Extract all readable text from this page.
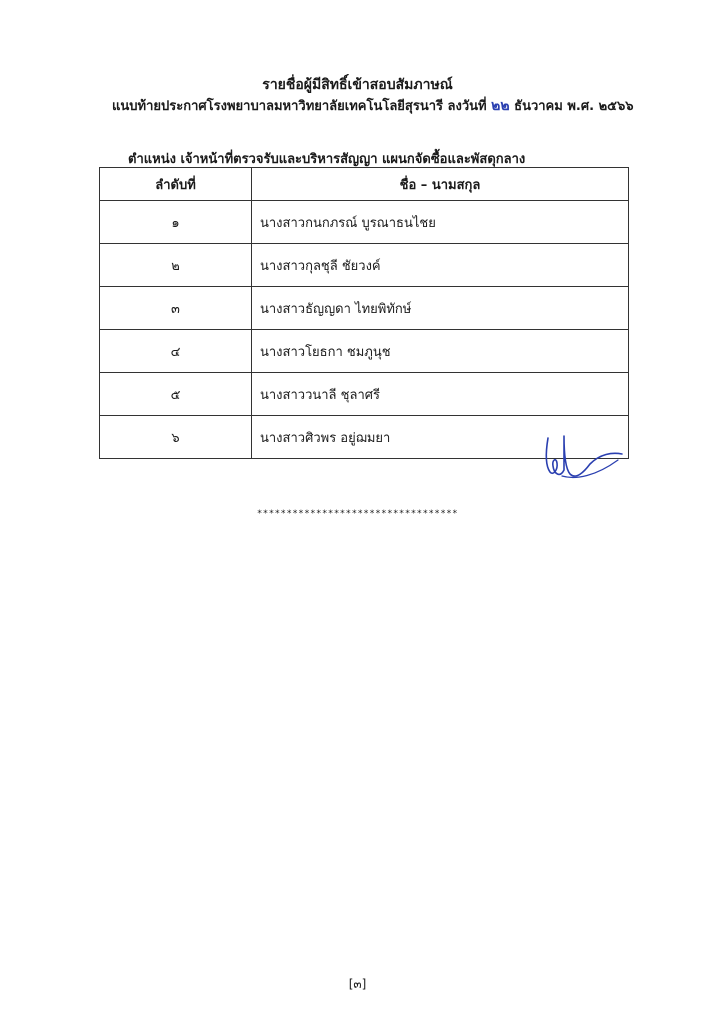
รายชื่อผู้มีสิทธิ์เข้าสอบสัมภาษณ์
แนบท้ายประกาศโรงพยาบาลมหาวิทยาลัยเทคโนโลยีสุรนารี ลงวันที่ ๒๒ ธันวาคม พ.ศ. ๒๕๖๖
ตำแหน่ง เจ้าหน้าที่ตรวจรับและบริหารสัญญา แผนกจัดซื้อและพัสดุกลาง
ลำดับที่	ชื่อ – นามสกุล
๑	นางสาวกนกภรณ์ บูรณาธนไชย
๒	นางสาวกุลชุลี ชัยวงค์
๓	นางสาวธัญญดา ไทยพิทักษ์
๔	นางสาวโยธกา ชมภูนุช
๕	นางสาววนาลี ชุลาศรี
๖	นางสาวศิวพร อยู่ฌมยา
**********************************
[๓]
